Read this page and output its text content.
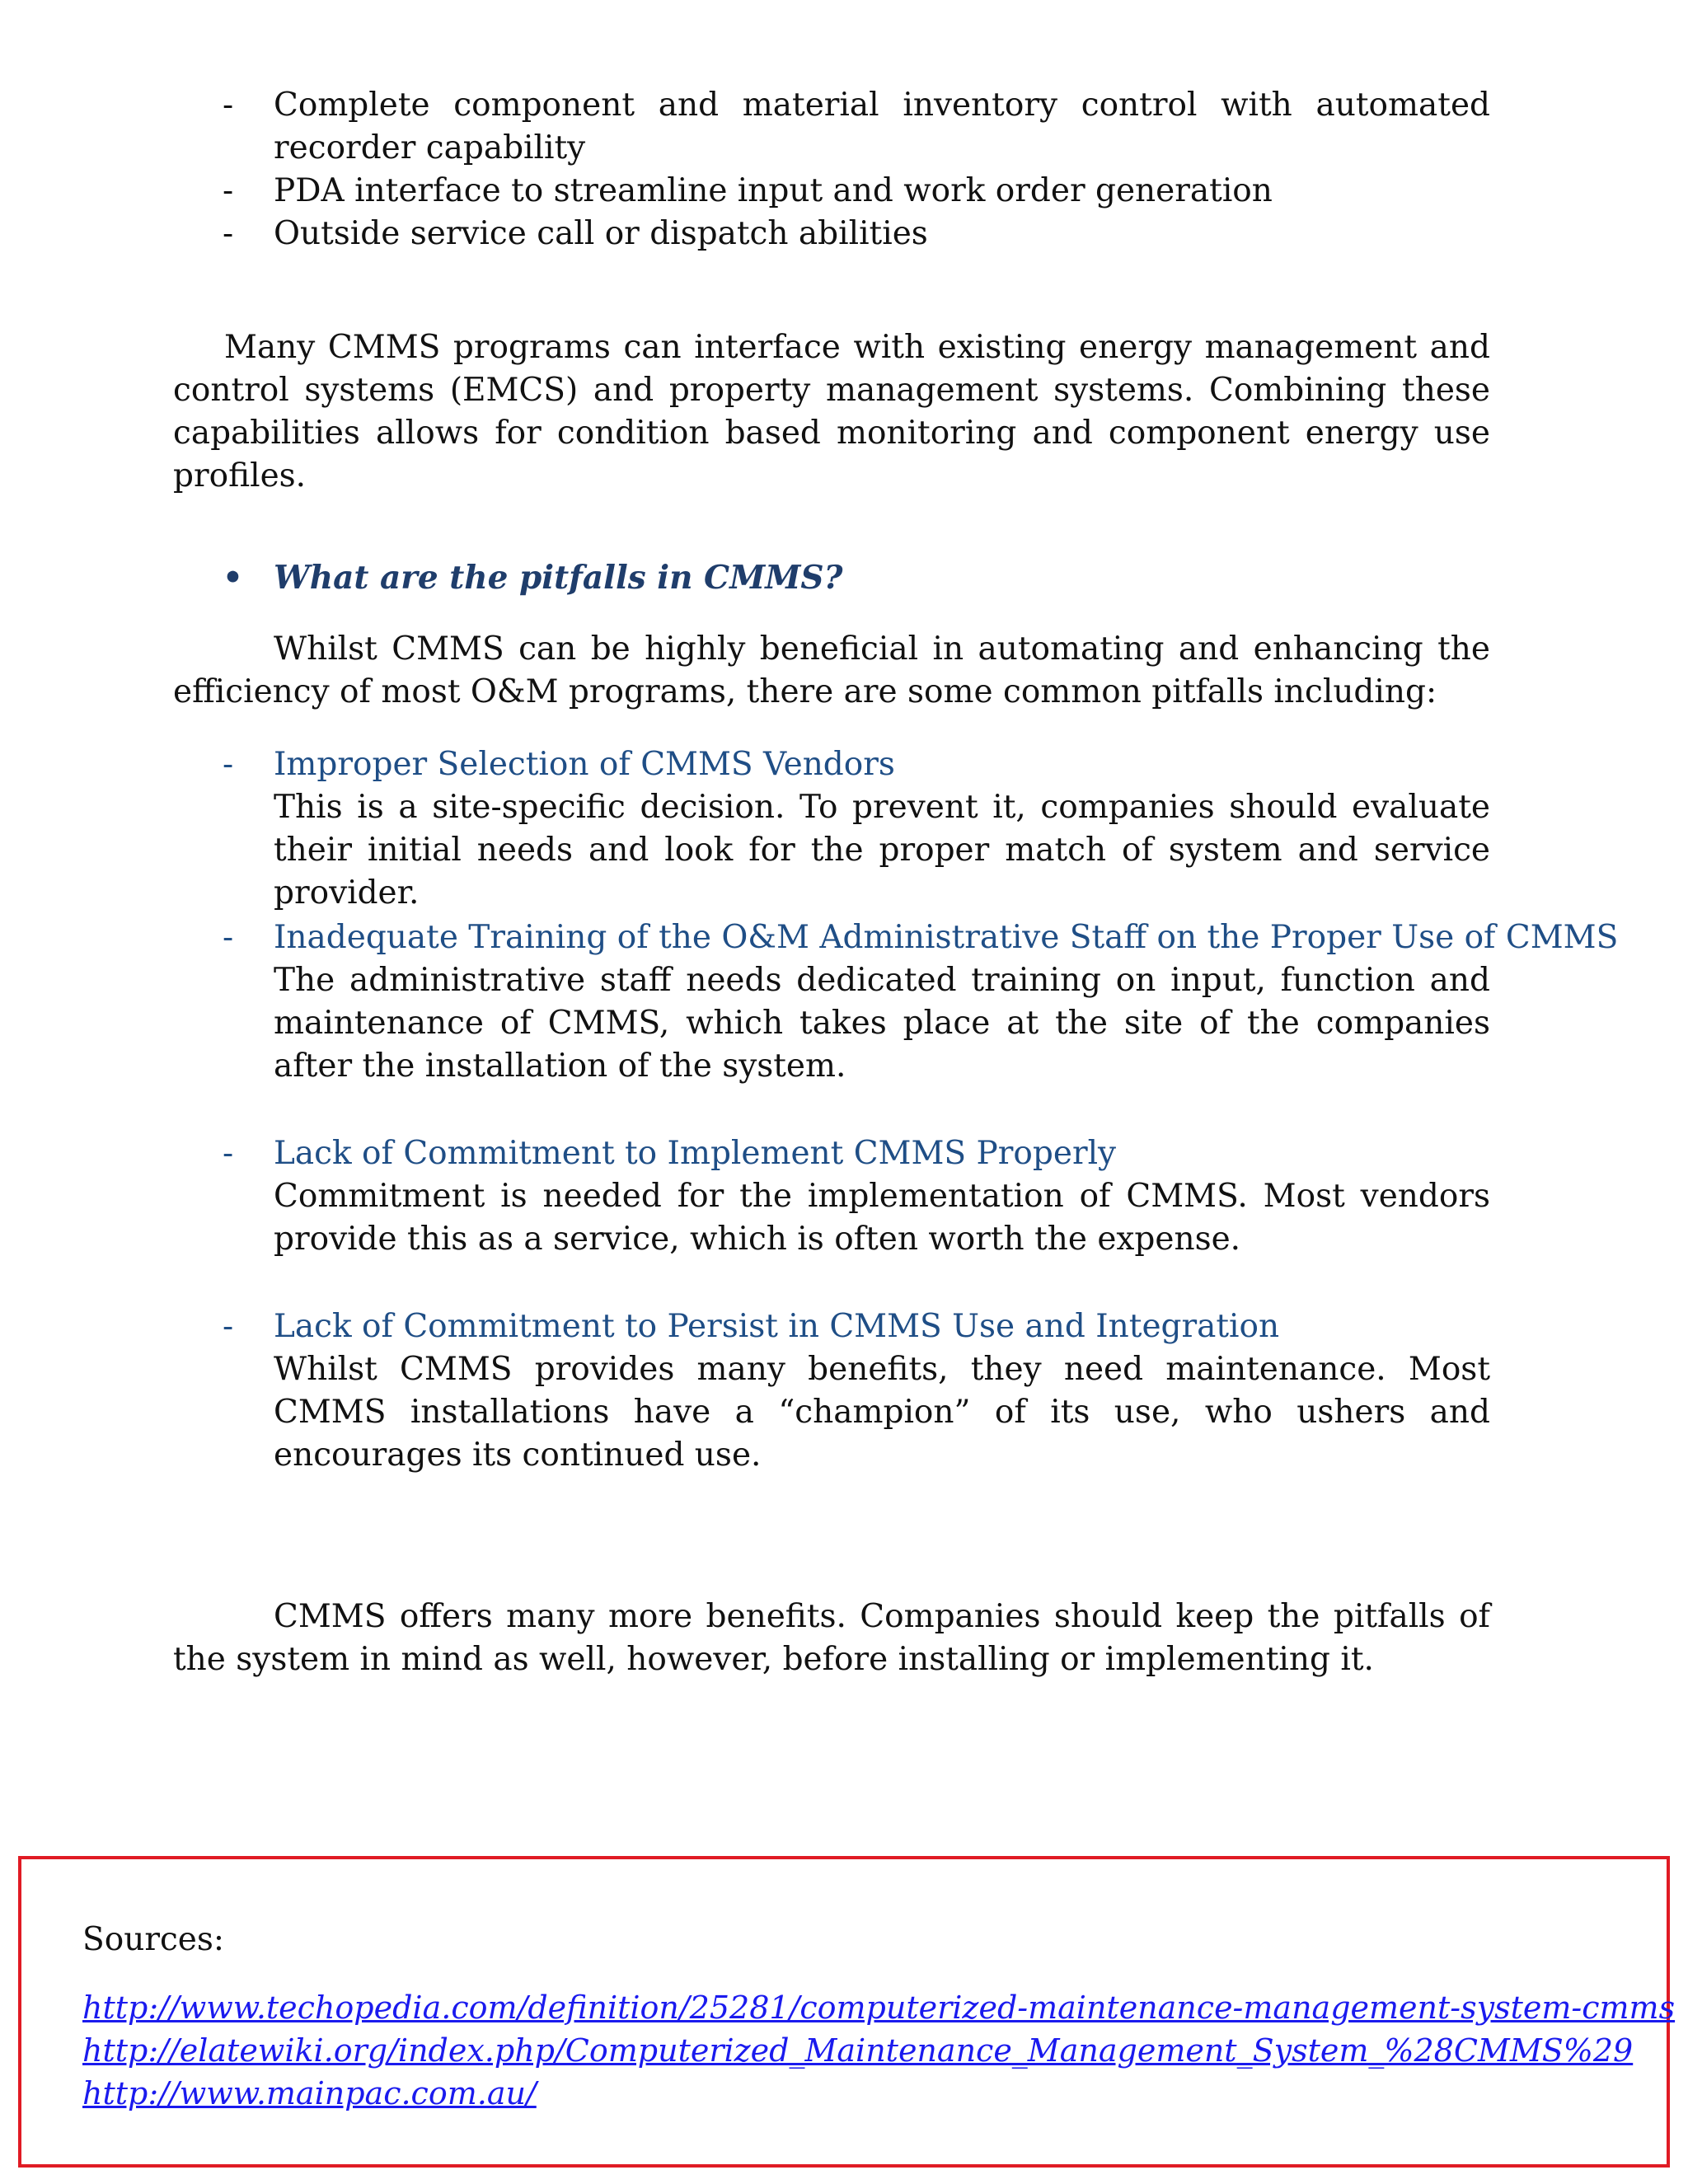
-	Complete component and material inventory control with automated recorder capability
-	PDA interface to streamline input and work order generation
-	Outside service call or dispatch abilities
Many CMMS programs can interface with existing energy management and control systems (EMCS) and property management systems. Combining these capabilities allows for condition based monitoring and component energy use profiles.
• What are the pitfalls in CMMS?
Whilst CMMS can be highly beneficial in automating and enhancing the efficiency of most O&M programs, there are some common pitfalls including:
-	Improper Selection of CMMS Vendors
This is a site-specific decision. To prevent it, companies should evaluate their initial needs and look for the proper match of system and service provider.
-	Inadequate Training of the O&M Administrative Staff on the Proper Use of CMMS
The administrative staff needs dedicated training on input, function and maintenance of CMMS, which takes place at the site of the companies after the installation of the system.
-	Lack of Commitment to Implement CMMS Properly
Commitment is needed for the implementation of CMMS. Most vendors provide this as a service, which is often worth the expense.
-	Lack of Commitment to Persist in CMMS Use and Integration
Whilst CMMS provides many benefits, they need maintenance. Most CMMS installations have a “champion” of its use, who ushers and encourages its continued use.
CMMS offers many more benefits. Companies should keep the pitfalls of the system in mind as well, however, before installing or implementing it.
Sources:
http://www.techopedia.com/definition/25281/computerized-maintenance-management-system-cmms
http://elatewiki.org/index.php/Computerized_Maintenance_Management_System_%28CMMS%29
http://www.mainpac.com.au/
